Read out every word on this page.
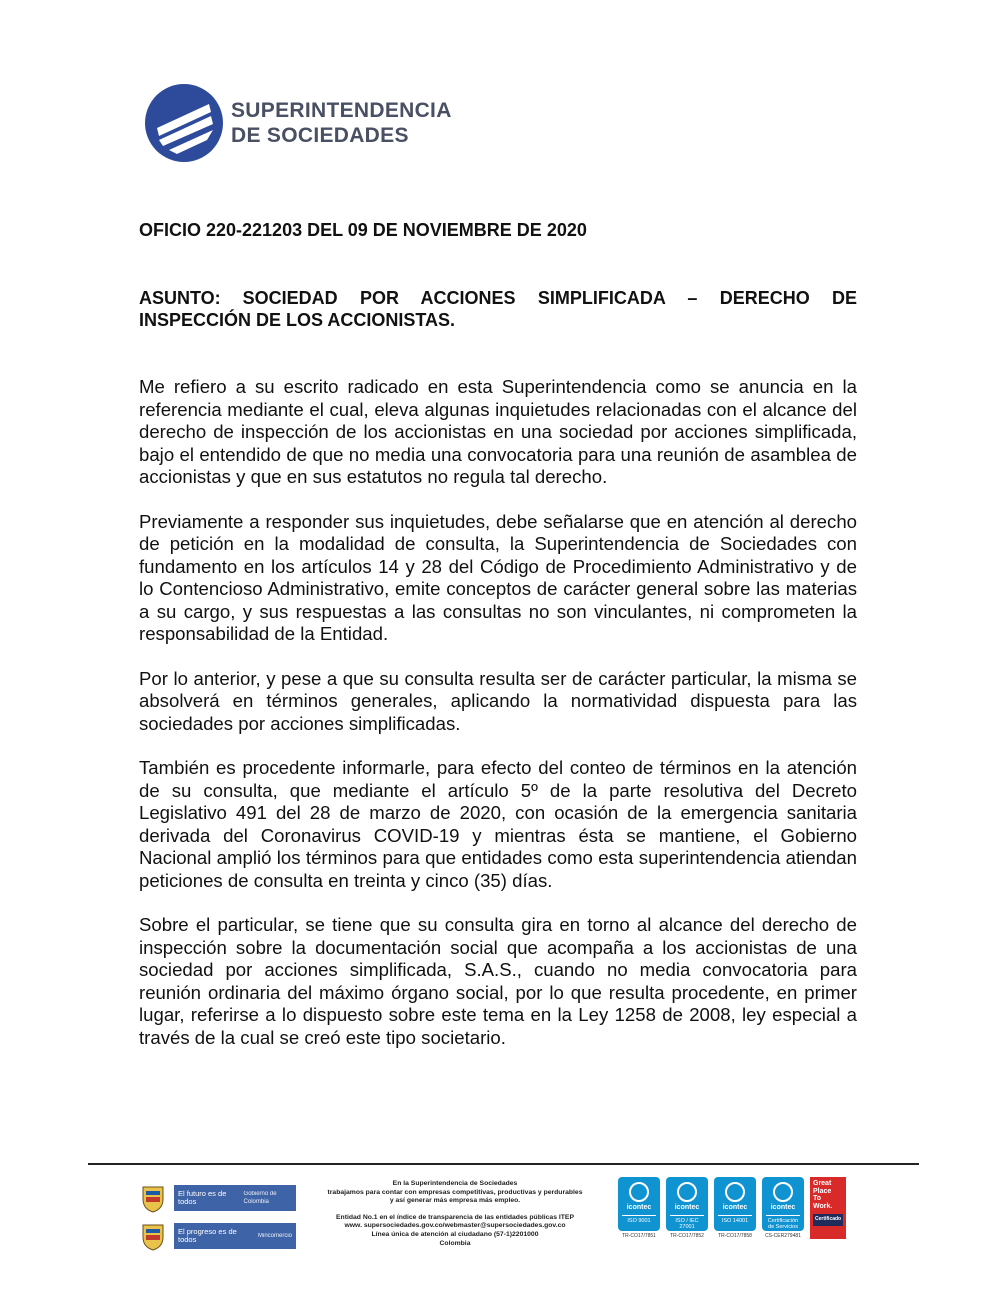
SUPERINTENDENCIA
DE SOCIEDADES
OFICIO 220-221203 DEL 09 DE NOVIEMBRE DE 2020
ASUNTO: SOCIEDAD POR ACCIONES SIMPLIFICADA – DERECHO DE
INSPECCIÓN DE LOS ACCIONISTAS.

Me refiero a su escrito radicado en esta Superintendencia como se anuncia en la referencia mediante el cual, eleva algunas inquietudes relacionadas con el alcance del derecho de inspección de los accionistas en una sociedad por acciones simplificada, bajo el entendido de que no media una convocatoria para una reunión de asamblea de accionistas y que en sus estatutos no regula tal derecho.

Previamente a responder sus inquietudes, debe señalarse que en atención al derecho de petición en la modalidad de consulta, la Superintendencia de Sociedades con fundamento en los artículos 14 y 28 del Código de Procedimiento Administrativo y de lo Contencioso Administrativo, emite conceptos de carácter general sobre las materias a su cargo, y sus respuestas a las consultas no son vinculantes, ni comprometen la responsabilidad de la Entidad.

Por lo anterior, y pese a que su consulta resulta ser de carácter particular, la misma se absolverá en términos generales, aplicando la normatividad dispuesta para las sociedades por acciones simplificadas.

También es procedente informarle, para efecto del conteo de términos en la atención de su consulta, que mediante el artículo 5º de la parte resolutiva del Decreto Legislativo 491 del 28 de marzo de 2020, con ocasión de la emergencia sanitaria derivada del Coronavirus COVID-19 y mientras ésta se mantiene, el Gobierno Nacional amplió los términos para que entidades como esta superintendencia atiendan peticiones de consulta en treinta y cinco (35) días.

Sobre el particular, se tiene que su consulta gira en torno al alcance del derecho de inspección sobre la documentación social que acompaña a los accionistas de una sociedad por acciones simplificada, S.A.S., cuando no media convocatoria para reunión ordinaria del máximo órgano social, por lo que resulta procedente, en primer lugar, referirse a lo dispuesto sobre este tema en la Ley 1258 de 2008, ley especial a través de la cual se creó este tipo societario.

El futuro es de todos
Gobierno de Colombia
El progreso es de todos	Mincomercio
En la Superintendencia de Sociedades
trabajamos para contar con empresas competitivas, productivas y perdurables
y así generar más empresa más empleo.
Entidad No.1 en el índice de transparencia de las entidades públicas ITEP
www. supersociedades.gov.co/webmaster@supersociedades.gov.co
Línea única de atención al ciudadano (57-1)2201000
Colombia
icontec
ISO 9001
TR-CO17/7851
icontec
ISO / IEC 27001
TR-CO17/7852
icontec
ISO 14001
TR-CO17/7858
icontec
Certificación de Servicios
CS-CER279481
Great
Place
To
Work.
Certificado
